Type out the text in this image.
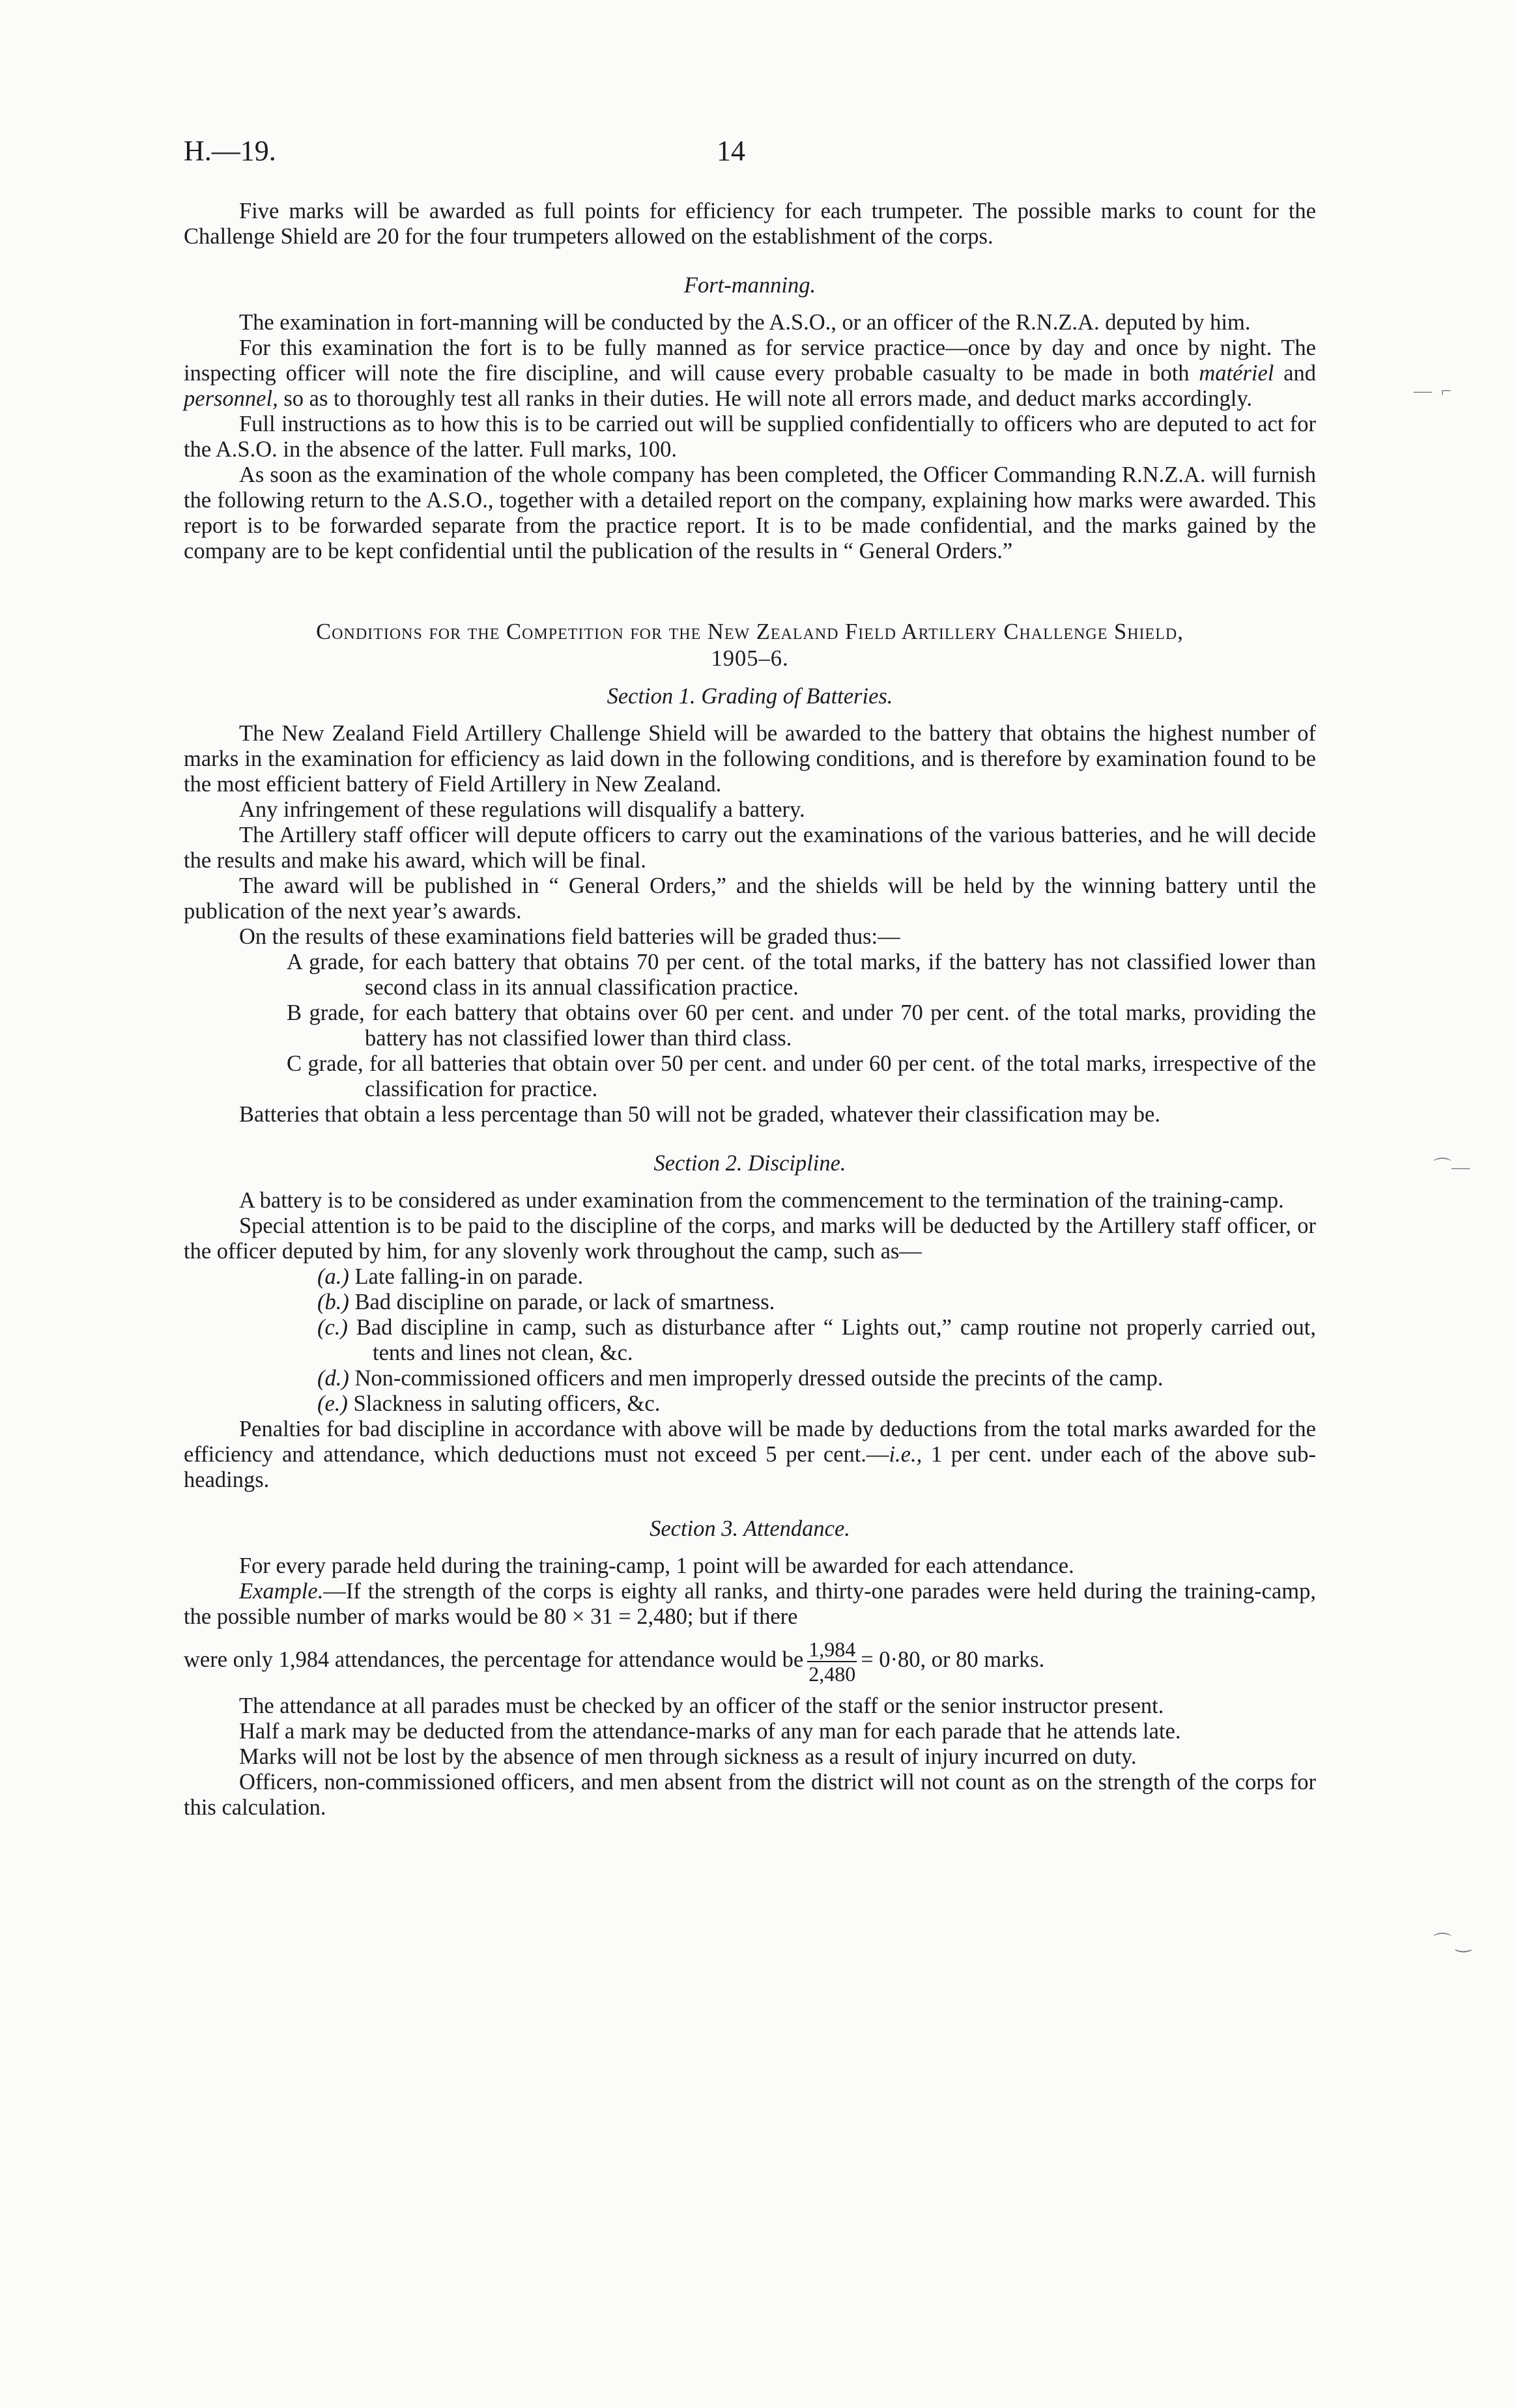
H.—19.	14

Five marks will be awarded as full points for efficiency for each trumpeter. The possible marks to count for the Challenge Shield are 20 for the four trumpeters allowed on the establishment of the corps.

Fort-manning.

The examination in fort-manning will be conducted by the A.S.O., or an officer of the R.N.Z.A. deputed by him.

For this examination the fort is to be fully manned as for service practice—once by day and once by night. The inspecting officer will note the fire discipline, and will cause every probable casualty to be made in both matériel and personnel, so as to thoroughly test all ranks in their duties. He will note all errors made, and deduct marks accordingly.

Full instructions as to how this is to be carried out will be supplied confidentially to officers who are deputed to act for the A.S.O. in the absence of the latter. Full marks, 100.

As soon as the examination of the whole company has been completed, the Officer Commanding R.N.Z.A. will furnish the following return to the A.S.O., together with a detailed report on the company, explaining how marks were awarded. This report is to be forwarded separate from the practice report. It is to be made confidential, and the marks gained by the company are to be kept confidential until the publication of the results in “ General Orders.”

Conditions for the Competition for the New Zealand Field Artillery Challenge Shield,
1905–6.

Section 1. Grading of Batteries.

The New Zealand Field Artillery Challenge Shield will be awarded to the battery that obtains the highest number of marks in the examination for efficiency as laid down in the following conditions, and is therefore by examination found to be the most efficient battery of Field Artillery in New Zealand.

Any infringement of these regulations will disqualify a battery.

The Artillery staff officer will depute officers to carry out the examinations of the various batteries, and he will decide the results and make his award, which will be final.

The award will be published in “ General Orders,” and the shields will be held by the winning battery until the publication of the next year’s awards.

On the results of these examinations field batteries will be graded thus:—

A grade, for each battery that obtains 70 per cent. of the total marks, if the battery has not classified lower than second class in its annual classification practice.

B grade, for each battery that obtains over 60 per cent. and under 70 per cent. of the total marks, providing the battery has not classified lower than third class.

C grade, for all batteries that obtain over 50 per cent. and under 60 per cent. of the total marks, irrespective of the classification for practice.

Batteries that obtain a less percentage than 50 will not be graded, whatever their classification may be.

Section 2. Discipline.

A battery is to be considered as under examination from the commencement to the termination of the training-camp.

Special attention is to be paid to the discipline of the corps, and marks will be deducted by the Artillery staff officer, or the officer deputed by him, for any slovenly work throughout the camp, such as—

(a.) Late falling-in on parade.

(b.) Bad discipline on parade, or lack of smartness.

(c.) Bad discipline in camp, such as disturbance after “ Lights out,” camp routine not properly carried out, tents and lines not clean, &c.

(d.) Non-commissioned officers and men improperly dressed outside the precints of the camp.

(e.) Slackness in saluting officers, &c.

Penalties for bad discipline in accordance with above will be made by deductions from the total marks awarded for the efficiency and attendance, which deductions must not exceed 5 per cent.—i.e., 1 per cent. under each of the above sub-headings.

Section 3. Attendance.

For every parade held during the training-camp, 1 point will be awarded for each attendance.

Example.—If the strength of the corps is eighty all ranks, and thirty-one parades were held during the training-camp, the possible number of marks would be 80 × 31 = 2,480; but if there

were only 1,984 attendances, the percentage for attendance would be $\frac{1,984}{2,480} = 0\cdot 80$, or 80 marks.

The attendance at all parades must be checked by an officer of the staff or the senior instructor present.

Half a mark may be deducted from the attendance-marks of any man for each parade that he attends late.

Marks will not be lost by the absence of men through sickness as a result of injury incurred on duty.

Officers, non-commissioned officers, and men absent from the district will not count as on the strength of the corps for this calculation.

—  ⌐
⌒—
⌒ ‿
